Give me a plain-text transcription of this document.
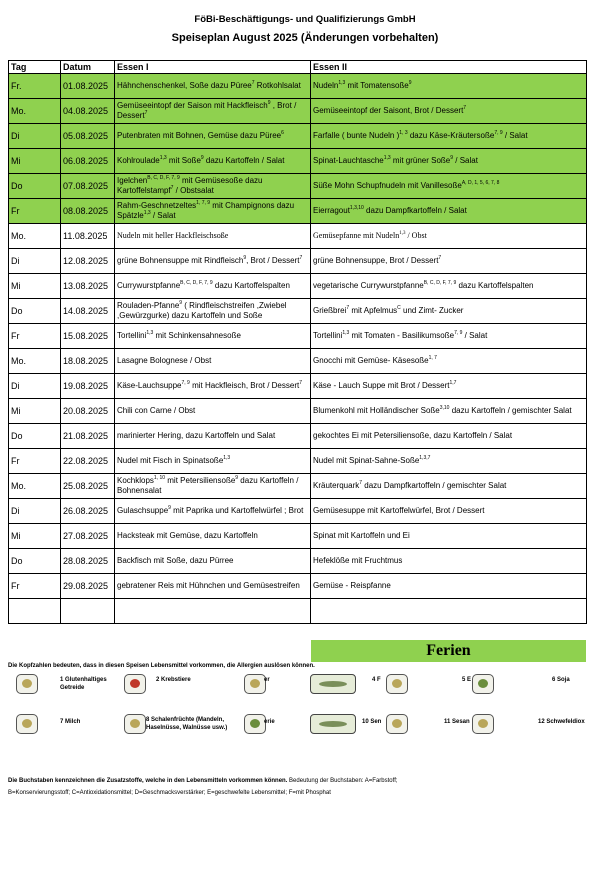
FöBi-Beschäftigungs- und Qualifizierungs GmbH
Speiseplan August 2025 (Änderungen vorbehalten)
Tag	Datum	Essen I	Essen II
Fr.	01.08.2025	Hähnchenschenkel, Soße dazu Püree$^7$ Rotkohlsalat	Nudeln$^{1,3}$ mit Tomatensoße$^9$
Mo.	04.08.2025	Gemüseeintopf der Saison mit Hackfleisch$^9$ , Brot / Dessert$^7$	Gemüseeintopf der Saisont, Brot / Dessert$^7$
Di	05.08.2025	Putenbraten mit Bohnen, Gemüse dazu Püree$^6$	Farfalle ( bunte Nudeln )$^{1, 3}$ dazu Käse-Kräutersoße$^{7, 9}$ / Salat
Mi	06.08.2025	Kohlroulade$^{1,3}$ mit Soße$^9$ dazu Kartoffeln / Salat	Spinat-Lauchtasche$^{1,3}$ mit grüner Soße$^9$ / Salat
Do	07.08.2025	Igelchen$^{B, C, D, F, 7, 9}$ mit Gemüsesoße dazu Kartoffelstampf$^7$ / Obstsalat	Süße Mohn Schupfnudeln mit Vanillesoße$^{A, D, 1, 5, 6, 7, 8}$
Fr	08.08.2025	Rahm-Geschnetzeltes$^{1, 7, 9}$ mit Champignons dazu Spätzle$^{1,3}$ / Salat	Eierragout$^{1,3,10}$ dazu Dampfkartoffeln / Salat
Mo.	11.08.2025	Nudeln mit heller Hackfleischsoße	Gemüsepfanne mit Nudeln$^{1,3}$ / Obst
Di	12.08.2025	grüne Bohnensuppe mit Rindfleisch$^9$, Brot / Dessert$^7$	grüne Bohnensuppe, Brot / Dessert$^7$
Mi	13.08.2025	Currywurstpfanne$^{B, C, D, F, 7, 9}$ dazu Kartoffelspalten	vegetarische Currywurstpfanne$^{B, C, D, F, 7, 9}$ dazu Kartoffelspalten
Do	14.08.2025	Rouladen-Pfanne$^9$ ( Rindfleischstreifen ,Zwiebel ,Gewürzgurke) dazu Kartoffeln und Soße	Grießbrei$^7$ mit Apfelmus$^C$ und Zimt- Zucker
Fr	15.08.2025	Tortellini$^{1,3}$ mit Schinkensahnesoße	Tortellini$^{1,3}$ mit Tomaten - Basilikumsoße$^{7, 9}$ / Salat
Mo.	18.08.2025	Lasagne Bolognese / Obst	Gnocchi mit Gemüse- Käsesoße$^{1, 7}$
Di	19.08.2025	Käse-Lauchsuppe$^{7, 9}$ mit Hackfleisch, Brot / Dessert$^7$	Käse - Lauch Suppe mit Brot / Dessert$^{1,7}$
Mi	20.08.2025	Chili con Carne / Obst	Blumenkohl mit Holländischer Soße$^{3,10}$ dazu Kartoffeln / gemischter Salat
Do	21.08.2025	marinierter Hering, dazu Kartoffeln und Salat	gekochtes Ei mit Petersiliensoße, dazu Kartoffeln / Salat
Fr	22.08.2025	Nudel mit Fisch in Spinatsoße$^{1,3}$	Nudel mit Spinat-Sahne-Soße$^{1,3,7}$
Mo.	25.08.2025	Kochklops$^{1, 10}$ mit Petersiliensoße$^9$ dazu Kartoffeln / Bohnensalat	Kräuterquark$^7$ dazu Dampfkartoffeln / gemischter Salat
Di	26.08.2025	Gulaschsuppe$^9$ mit Paprika und Kartoffelwürfel ; Brot	Gemüsesuppe mit Kartoffelwürfel, Brot / Dessert
Mi	27.08.2025	Hacksteak mit Gemüse, dazu Kartoffeln	Spinat mit Kartoffeln und Ei
Do	28.08.2025	Backfisch mit Soße, dazu Pürree	Hefeklöße mit Fruchtmus
Fr	29.08.2025	gebratener Reis mit Hühnchen und Gemüsestreifen	Gemüse - Reispfanne

Ferien
Die Kopfzahlen bedeuten, dass in diesen Speisen Lebensmittel vorkommen, die Allergien auslösen können.
1 Glutenhaltiges Getreide
2 Krebstiere	er	4 F	5 E	6 Soja
7 Milch	8 Schalenfrüchte (Mandeln, Haselnüsse, Walnüsse usw.)
erie	10 Sen	11 Sesan	12 Schwefeldiox
Die Buchstaben kennzeichnen die Zusatzstoffe, welche in den Lebensmitteln vorkommen können. Bedeutung der Buchstaben: A=Farbstoff;
B=Konservierungsstoff; C=Antioxidationsmittel; D=Geschmacksverstärker; E=geschwefelte Lebensmittel; F=mit Phosphat
